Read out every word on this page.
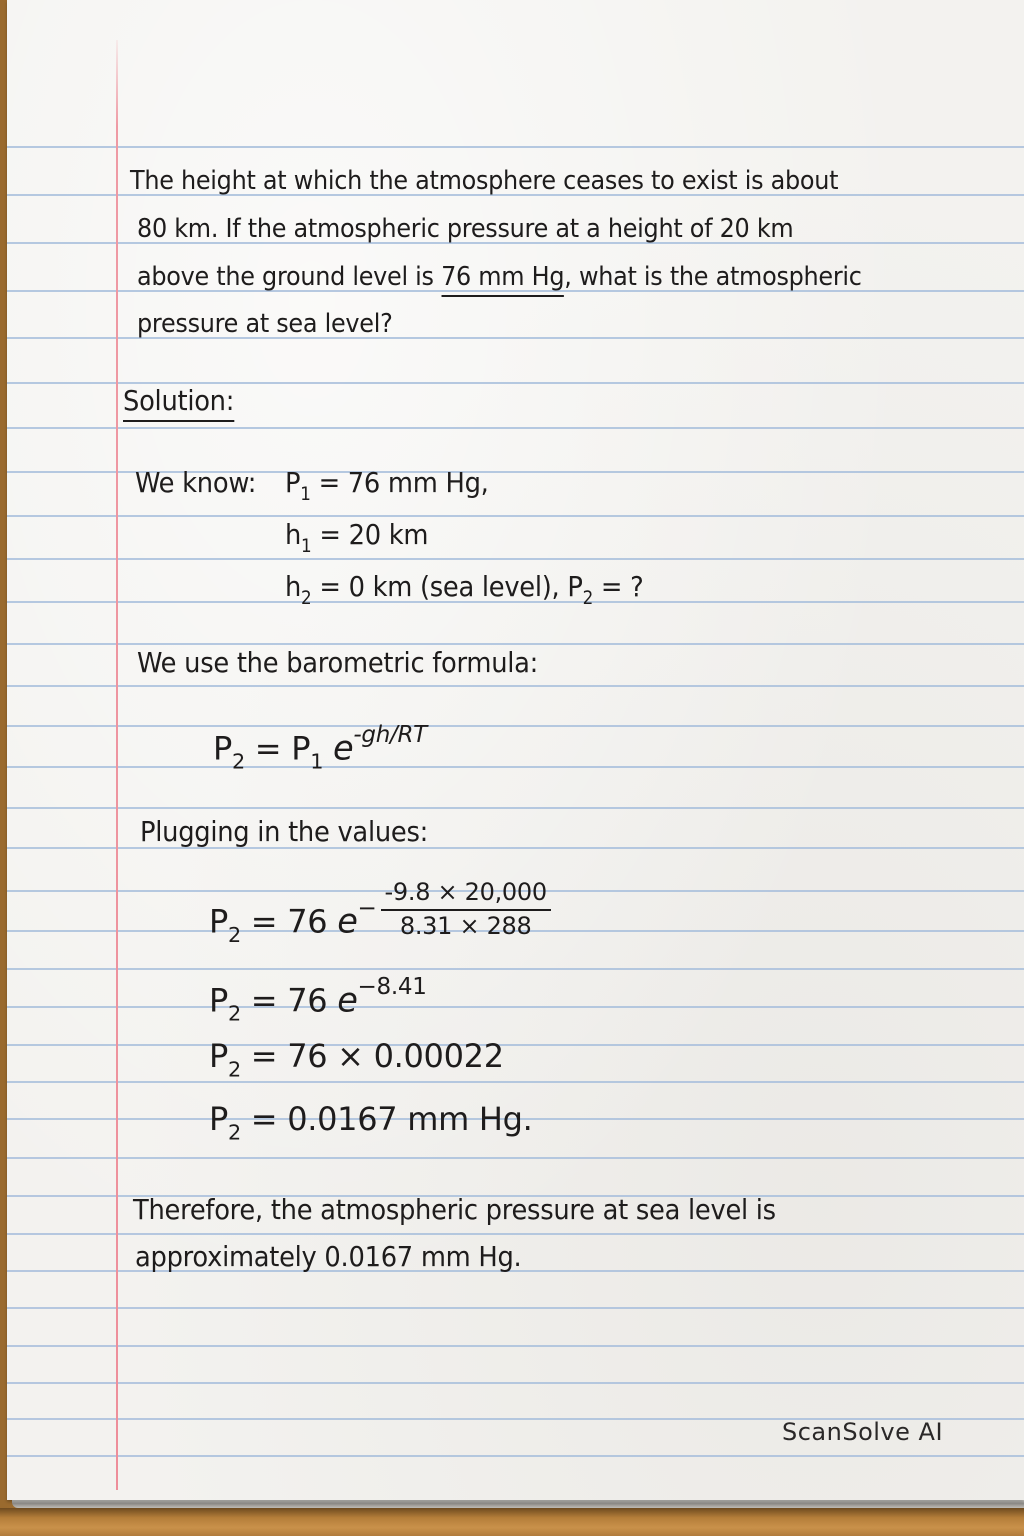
The height at which the atmosphere ceases to exist is about
80 km. If the atmospheric pressure at a height of 20 km
above the ground level is 76 mm Hg, what is the atmospheric
pressure at sea level?
Solution:
We know: $P_1 = 76$ mm Hg,
$h_1 = 20$ km
$h_2 = 0$ km (sea level), $P_2$ = ?
We use the barometric formula:
$P_2 = P_1$ $e^{-gh/RT}$
Plugging in the values:
$P_2 = 76$ $e^- \frac{-9.8 \times 20,000}{8.31 \times 288}$
$P_2 = 76$ $e^{-8.41}$
$P_2 = 76 \times 0.00022$
$P_2 = 0.0167$ mm Hg.
Therefore, the atmospheric pressure at sea level is
approximately 0.0167 mm Hg.
ScanSolve AI
